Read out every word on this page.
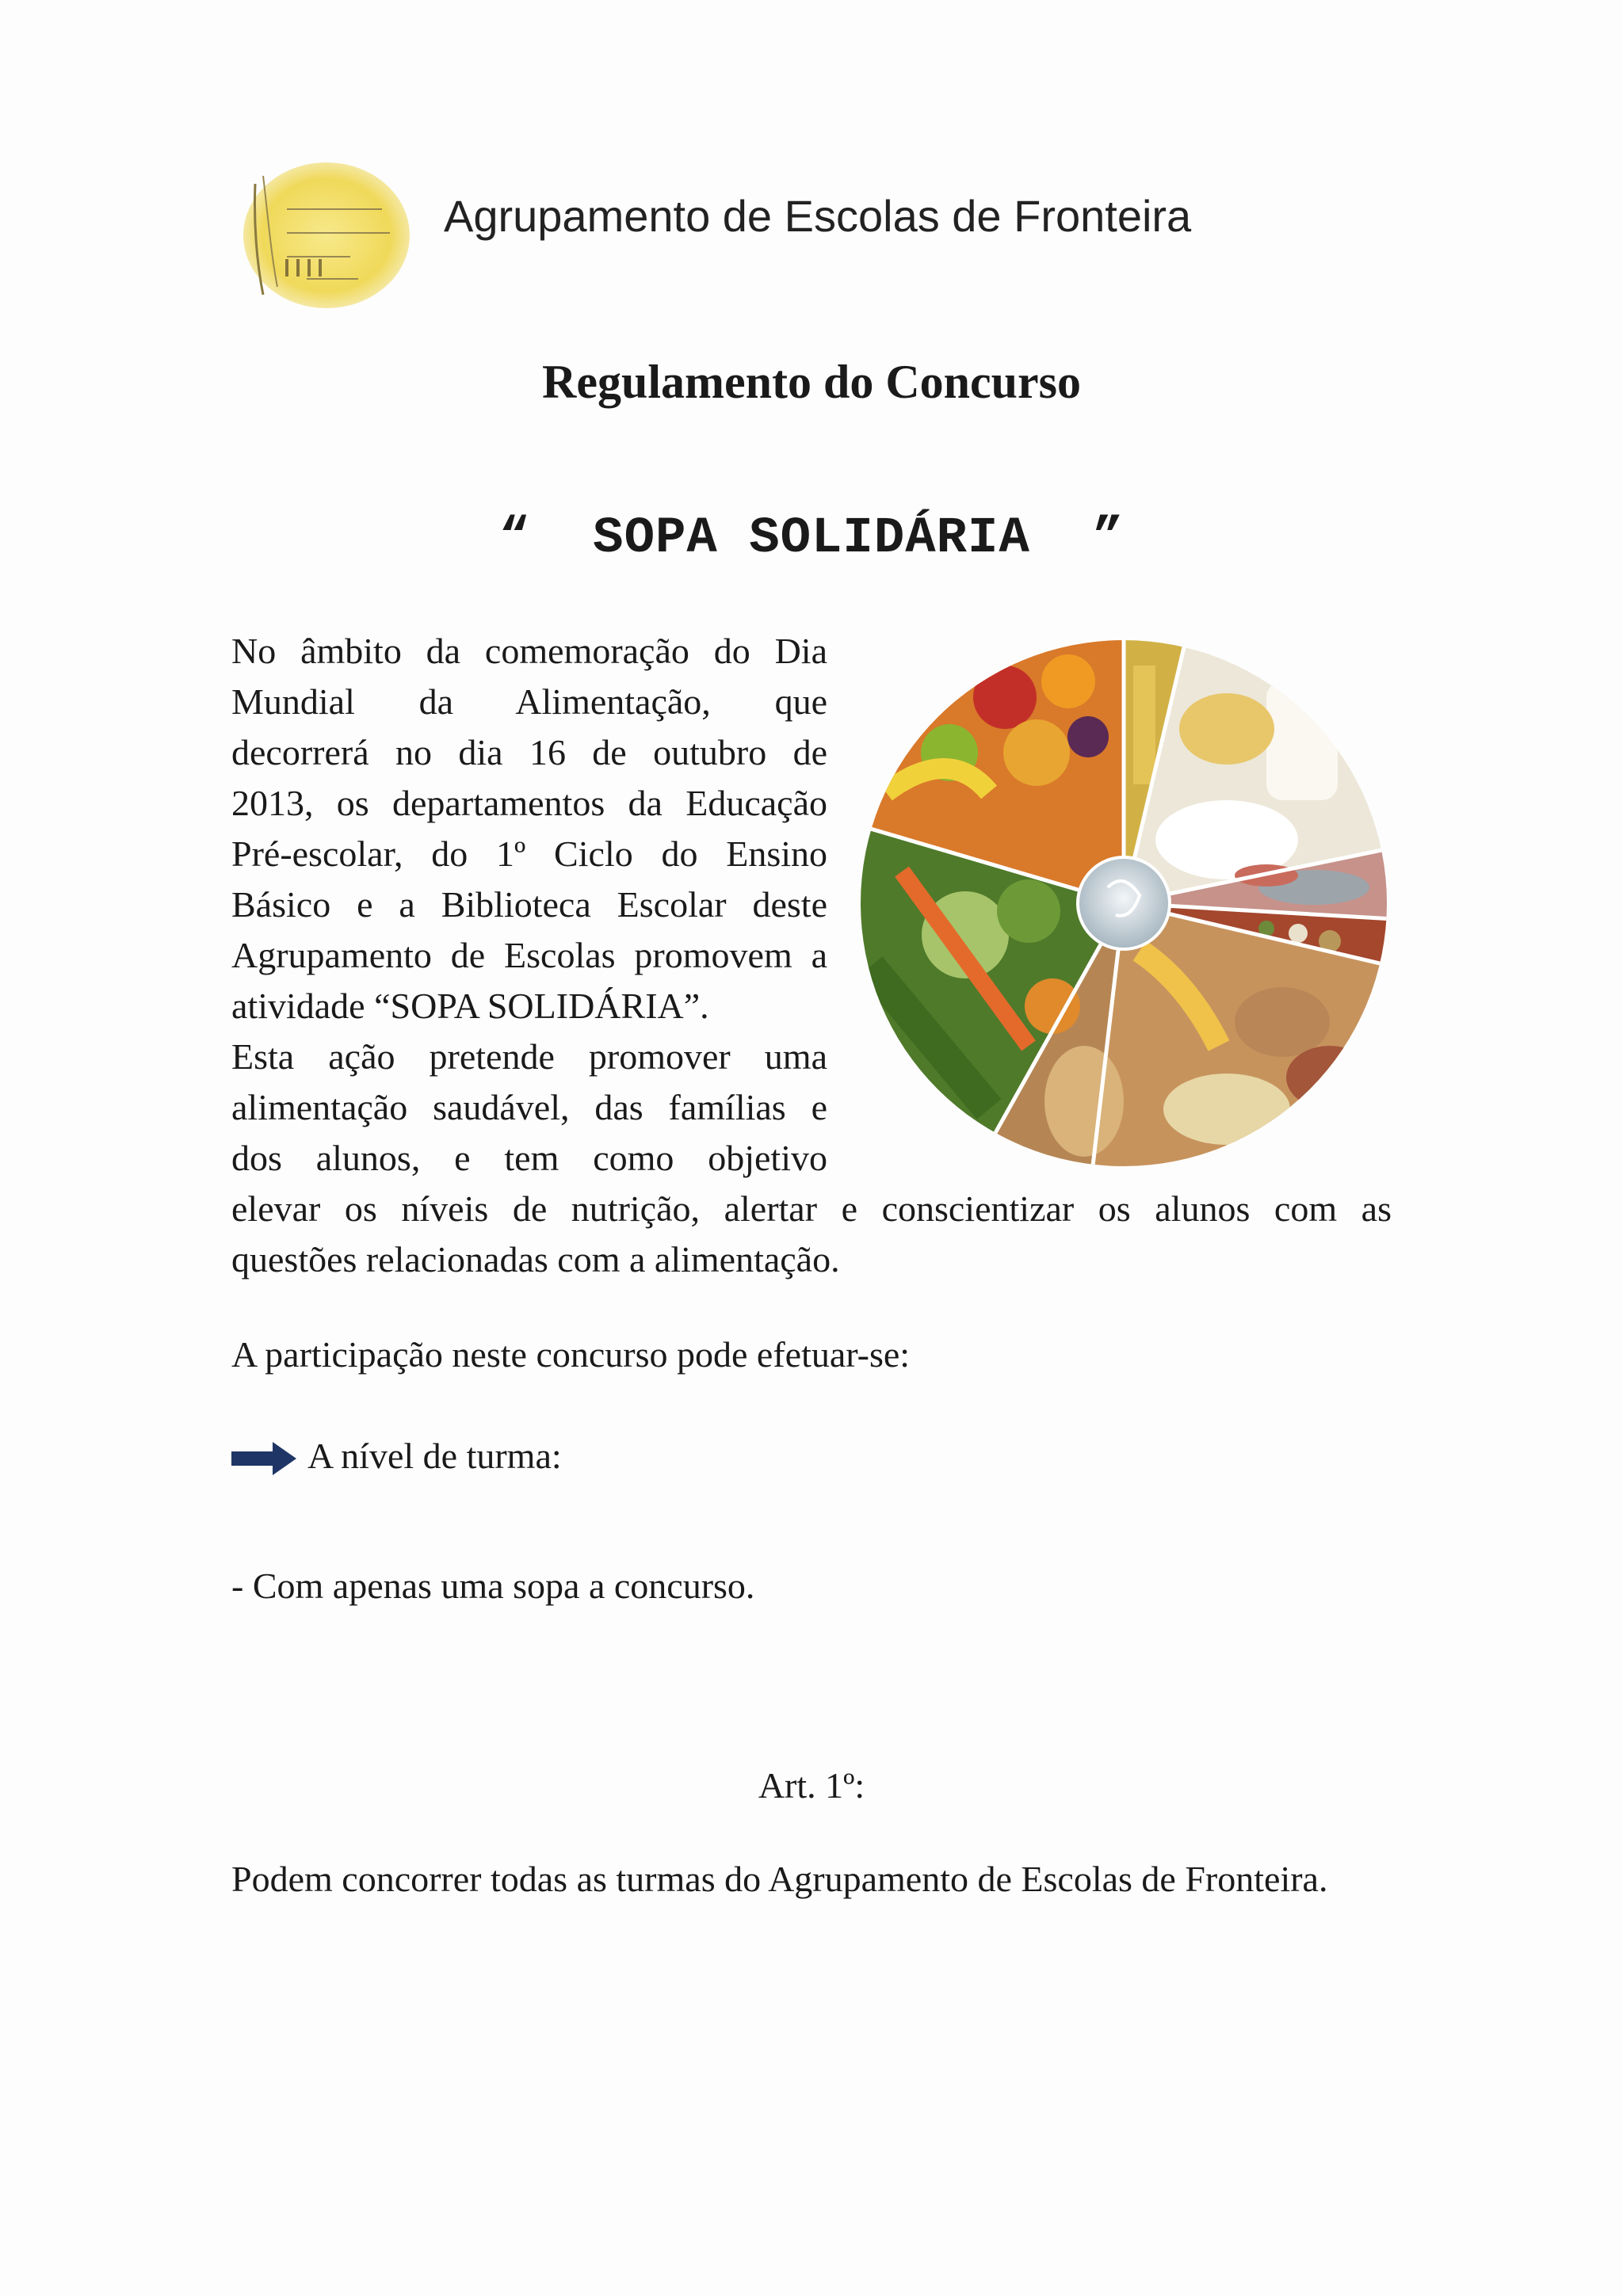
Agrupamento de Escolas de Fronteira
Regulamento do Concurso
“  SOPA SOLIDÁRIA  ”
No âmbito da comemoração do Dia
Mundial da Alimentação, que
decorrerá no dia 16 de outubro de
2013, os departamentos da Educação
Pré-escolar, do 1º Ciclo do Ensino
Básico e a Biblioteca Escolar deste
Agrupamento de Escolas promovem a
atividade “SOPA SOLIDÁRIA”.
Esta ação pretende promover uma
alimentação saudável, das famílias e
dos alunos, e tem como objetivo
elevar os níveis de nutrição, alertar e conscientizar os alunos com as
questões relacionadas com a alimentação.
A participação neste concurso pode efetuar-se:
A nível de turma:
- Com apenas uma sopa a concurso.
Art. 1º:
Podem concorrer todas as turmas do Agrupamento de Escolas de Fronteira.
